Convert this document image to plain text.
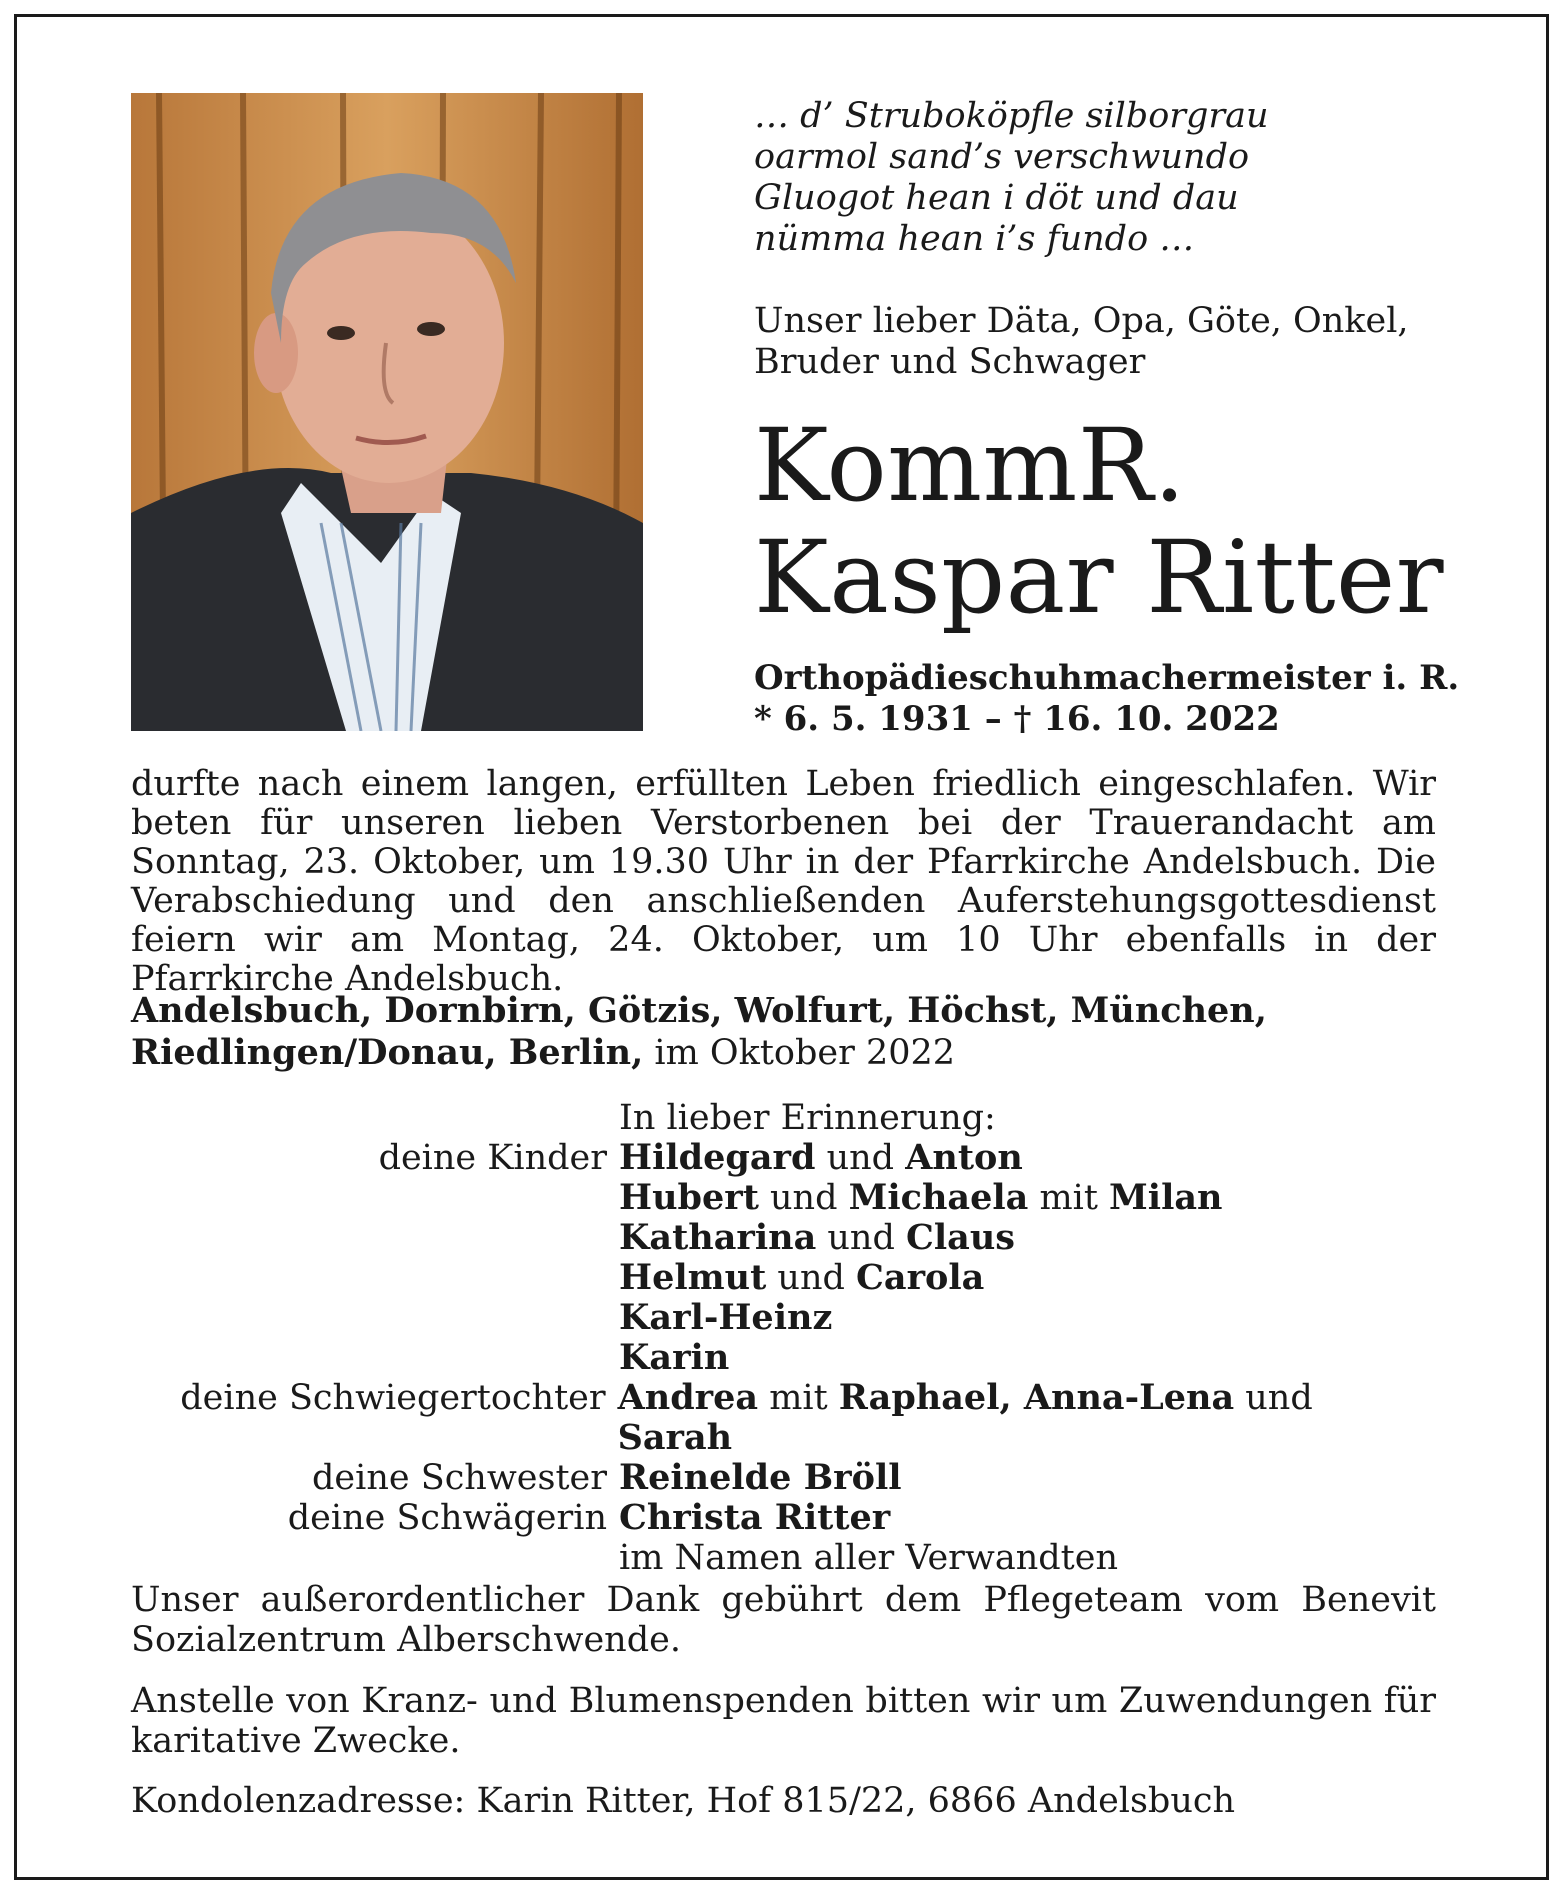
… d’ Struboköpfle silborgrau
oarmol sand’s verschwundo
Gluogot hean i döt und dau
nümma hean i’s fundo …
Unser lieber Däta, Opa, Göte, Onkel, Bruder und Schwager
KommR.
Kaspar Ritter
Orthopädieschuhmachermeister i. R.
* 6. 5. 1931 – † 16. 10. 2022
durfte nach einem langen, erfüllten Leben friedlich eingeschlafen. Wir beten für unseren lieben Verstorbenen bei der Trauerandacht am Sonntag, 23. Oktober, um 19.30 Uhr in der Pfarrkirche Andelsbuch. Die Verabschiedung und den anschließenden Auferstehungsgottesdienst feiern wir am Montag, 24. Oktober, um 10 Uhr ebenfalls in der Pfarrkirche Andelsbuch.
Andelsbuch, Dornbirn, Götzis, Wolfurt, Höchst, München, Riedlingen/Donau, Berlin, im Oktober 2022
In lieber Erinnerung:
deine Kinder Hildegard und Anton
Hubert und Michaela mit Milan
Katharina und Claus
Helmut und Carola
Karl-Heinz
Karin
deine Schwiegertochter Andrea mit Raphael, Anna-Lena und Sarah
deine Schwester Reinelde Bröll
deine Schwägerin Christa Ritter
im Namen aller Verwandten
Unser außerordentlicher Dank gebührt dem Pflegeteam vom Benevit Sozialzentrum Alberschwende.
Anstelle von Kranz- und Blumenspenden bitten wir um Zuwendungen für karitative Zwecke.
Kondolenzadresse: Karin Ritter, Hof 815/22, 6866 Andelsbuch
